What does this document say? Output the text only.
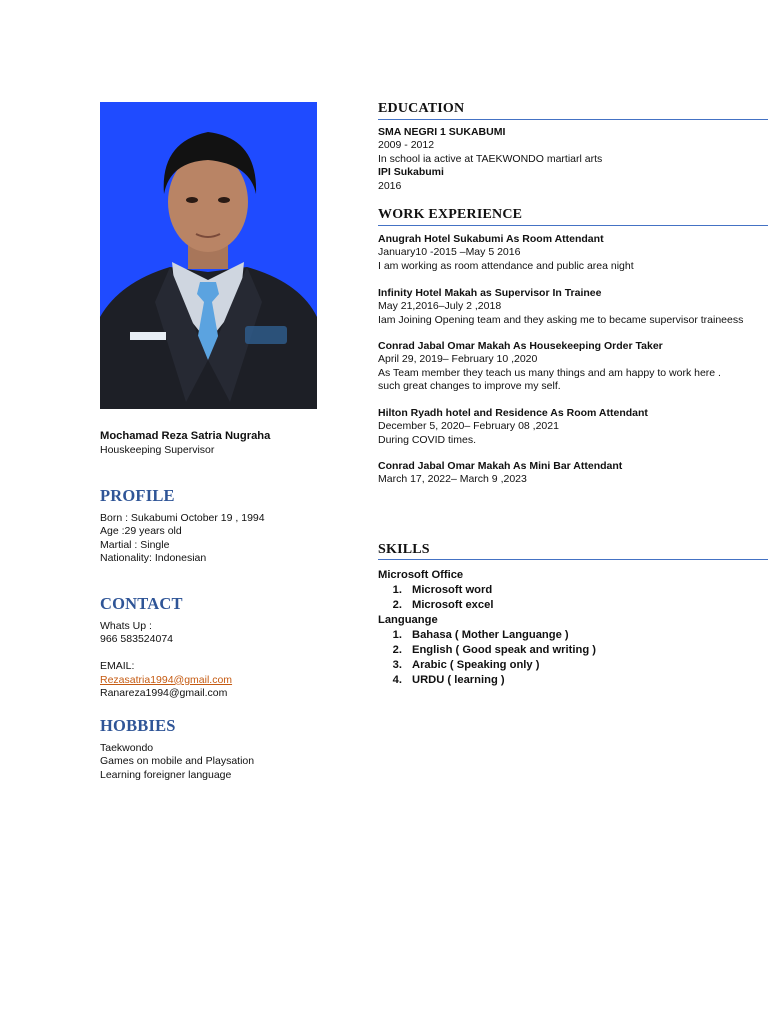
Mochamad Reza Satria Nugraha
Houskeeping Supervisor
PROFILE
Born : Sukabumi October 19 , 1994
Age :29 years old
Martial : Single
Nationality: Indonesian
CONTACT
Whats Up :
966 583524074
EMAIL:
Rezasatria1994@gmail.com
Ranareza1994@gmail.com
HOBBIES
Taekwondo
Games on mobile and Playsation
Learning foreigner language
EDUCATION
SMA NEGRI 1 SUKABUMI
2009 - 2012
In school ia active at TAEKWONDO martiarl arts
IPI Sukabumi
2016
WORK EXPERIENCE
Anugrah Hotel Sukabumi As Room Attendant
January10 -2015 –May 5 2016
I am working as room attendance and public area night
Infinity Hotel Makah as Supervisor In Trainee
May 21,2016–July 2 ,2018
Iam Joining Opening team and they asking me to became supervisor traineess
Conrad Jabal Omar Makah As Housekeeping Order Taker
April 29, 2019– February 10 ,2020
As Team member they teach us many things and am happy to work here .
such great changes to improve my self.
Hilton Ryadh hotel and Residence As Room Attendant
December 5, 2020– February 08 ,2021
During COVID times.
Conrad Jabal Omar Makah As Mini Bar Attendant
March 17, 2022– March 9 ,2023
SKILLS
Microsoft Office
1. Microsoft word
2. Microsoft excel
Languange
1. Bahasa ( Mother Languange )
2. English ( Good speak and writing )
3. Arabic ( Speaking only )
4. URDU ( learning )
